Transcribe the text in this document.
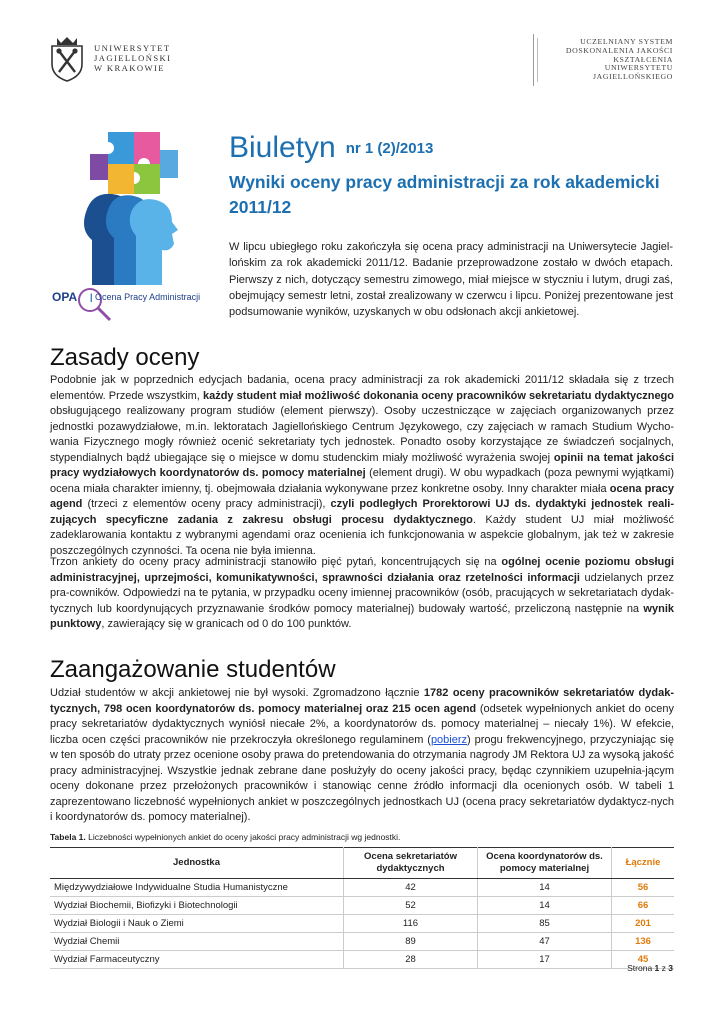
UNIWERSYTET
JAGIELLOŃSKI
W KRAKOWIE
UCZELNIANY SYSTEM
DOSKONALENIA JAKOŚCI
KSZTAŁCENIA
UNIWERSYTETU
JAGIELLOŃSKIEGO
OPA | Ocena Pracy Administracji
Biuletyn nr 1 (2)/2013
Wyniki oceny pracy administracji za rok akademicki 2011/12

W lipcu ubiegłego roku zakończyła się ocena pracy administracji na Uniwersytecie Jagiel-lońskim za rok akademicki 2011/12. Badanie przeprowadzone zostało w dwóch etapach. Pierwszy z nich, dotyczący semestru zimowego, miał miejsce w styczniu i lutym, drugi zaś, obejmujący semestr letni, został zrealizowany w czerwcu i lipcu. Poniżej prezentowane jest podsumowanie wyników, uzyskanych w obu odsłonach akcji ankietowej.

Zasady oceny

Podobnie jak w poprzednich edycjach badania, ocena pracy administracji za rok akademicki 2011/12 składała się z trzech elementów. Przede wszystkim, każdy student miał możliwość dokonania oceny pracowników sekretariatu dydaktycznego obsługującego realizowany program studiów (element pierwszy). Osoby uczestniczące w zajęciach organizowanych przez jednostki pozawydziałowe, m.in. lektoratach Jagiellońskiego Centrum Językowego, czy zajęciach w ramach Studium Wycho-wania Fizycznego mogły również ocenić sekretariaty tych jednostek. Ponadto osoby korzystające ze świadczeń socjalnych, stypendialnych bądź ubiegające się o miejsce w domu studenckim miały możliwość wyrażenia swojej opinii na temat jakości pracy wydziałowych koordynatorów ds. pomocy materialnej (element drugi). W obu wypadkach (poza pewnymi wyjątkami) ocena miała charakter imienny, tj. obejmowała działania wykonywane przez konkretne osoby. Inny charakter miała ocena pracy agend (trzeci z elementów oceny pracy administracji), czyli podległych Prorektorowi UJ ds. dydaktyki jednostek reali-zujących specyficzne zadania z zakresu obsługi procesu dydaktycznego. Każdy student UJ miał możliwość zadeklarowania kontaktu z wybranymi agendami oraz ocenienia ich funkcjonowania w aspekcie globalnym, jak też w zakresie poszczególnych czynności. Ta ocena nie była imienna.

Trzon ankiety do oceny pracy administracji stanowiło pięć pytań, koncentrujących się na ogólnej ocenie poziomu obsługi administracyjnej, uprzejmości, komunikatywności, sprawności działania oraz rzetelności informacji udzielanych przez pra-cowników. Odpowiedzi na te pytania, w przypadku oceny imiennej pracowników (osób, pracujących w sekretariatach dydak-tycznych lub koordynujących przyznawanie środków pomocy materialnej) budowały wartość, przeliczoną następnie na wynik punktowy, zawierający się w granicach od 0 do 100 punktów.

Zaangażowanie studentów

Udział studentów w akcji ankietowej nie był wysoki. Zgromadzono łącznie 1782 oceny pracowników sekretariatów dydak-tycznych, 798 ocen koordynatorów ds. pomocy materialnej oraz 215 ocen agend (odsetek wypełnionych ankiet do oceny pracy sekretariatów dydaktycznych wyniósł niecałe 2%, a koordynatorów ds. pomocy materialnej – niecały 1%). W efekcie, liczba ocen części pracowników nie przekroczyła określonego regulaminem (pobierz) progu frekwencyjnego, przyczyniając się w ten sposób do utraty przez ocenione osoby prawa do pretendowania do otrzymania nagrody JM Rektora UJ za wysoką jakość pracy administracyjnej. Wszystkie jednak zebrane dane posłużyły do oceny jakości pracy, będąc czynnikiem uzupełnia-jącym oceny dokonane przez przełożonych pracowników i stanowiąc cenne źródło informacji dla ocenionych osób. W tabeli 1 zaprezentowano liczebność wypełnionych ankiet w poszczególnych jednostkach UJ (ocena pracy sekretariatów dydaktycz-nych i koordynatorów ds. pomocy materialnej).

Tabela 1. Liczebności wypełnionych ankiet do oceny jakości pracy administracji wg jednostki.

Jednostka	Ocena sekretariatów dydaktycznych	Ocena koordynatorów ds. pomocy materialnej	Łącznie
Międzywydziałowe Indywidualne Studia Humanistyczne	42	14	56
Wydział Biochemii, Biofizyki i Biotechnologii	52	14	66
Wydział Biologii i Nauk o Ziemi	116	85	201
Wydział Chemii	89	47	136
Wydział Farmaceutyczny	28	17	45
Strona 1 z 3
